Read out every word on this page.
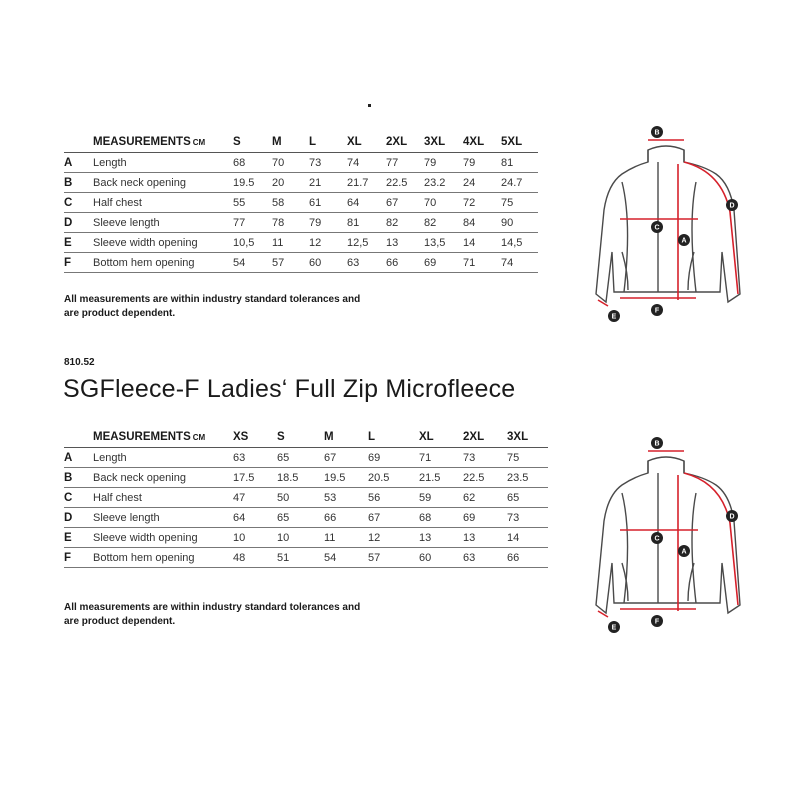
	MEASUREMENTS CM	S	M	L	XL	2XL	3XL	4XL	5XL
A	Length	68	70	73	74	77	79	79	81
B	Back neck opening	19.5	20	21	21.7	22.5	23.2	24	24.7
C	Half chest	55	58	61	64	67	70	72	75
D	Sleeve length	77	78	79	81	82	82	84	90
E	Sleeve width opening	10,5	11	12	12,5	13	13,5	14	14,5
F	Bottom hem opening	54	57	60	63	66	69	71	74
All measurements are within industry standard tolerances and
are product dependent.
B
C
A
D
F
E
810.52
SGFleece-F Ladies‘ Full Zip Microfleece
	MEASUREMENTS CM	XS	S	M	L	XL	2XL	3XL
A	Length	63	65	67	69	71	73	75
B	Back neck opening	17.5	18.5	19.5	20.5	21.5	22.5	23.5
C	Half chest	47	50	53	56	59	62	65
D	Sleeve length	64	65	66	67	68	69	73
E	Sleeve width opening	10	10	11	12	13	13	14
F	Bottom hem opening	48	51	54	57	60	63	66
All measurements are within industry standard tolerances and
are product dependent.
B
C
A
D
F
E
